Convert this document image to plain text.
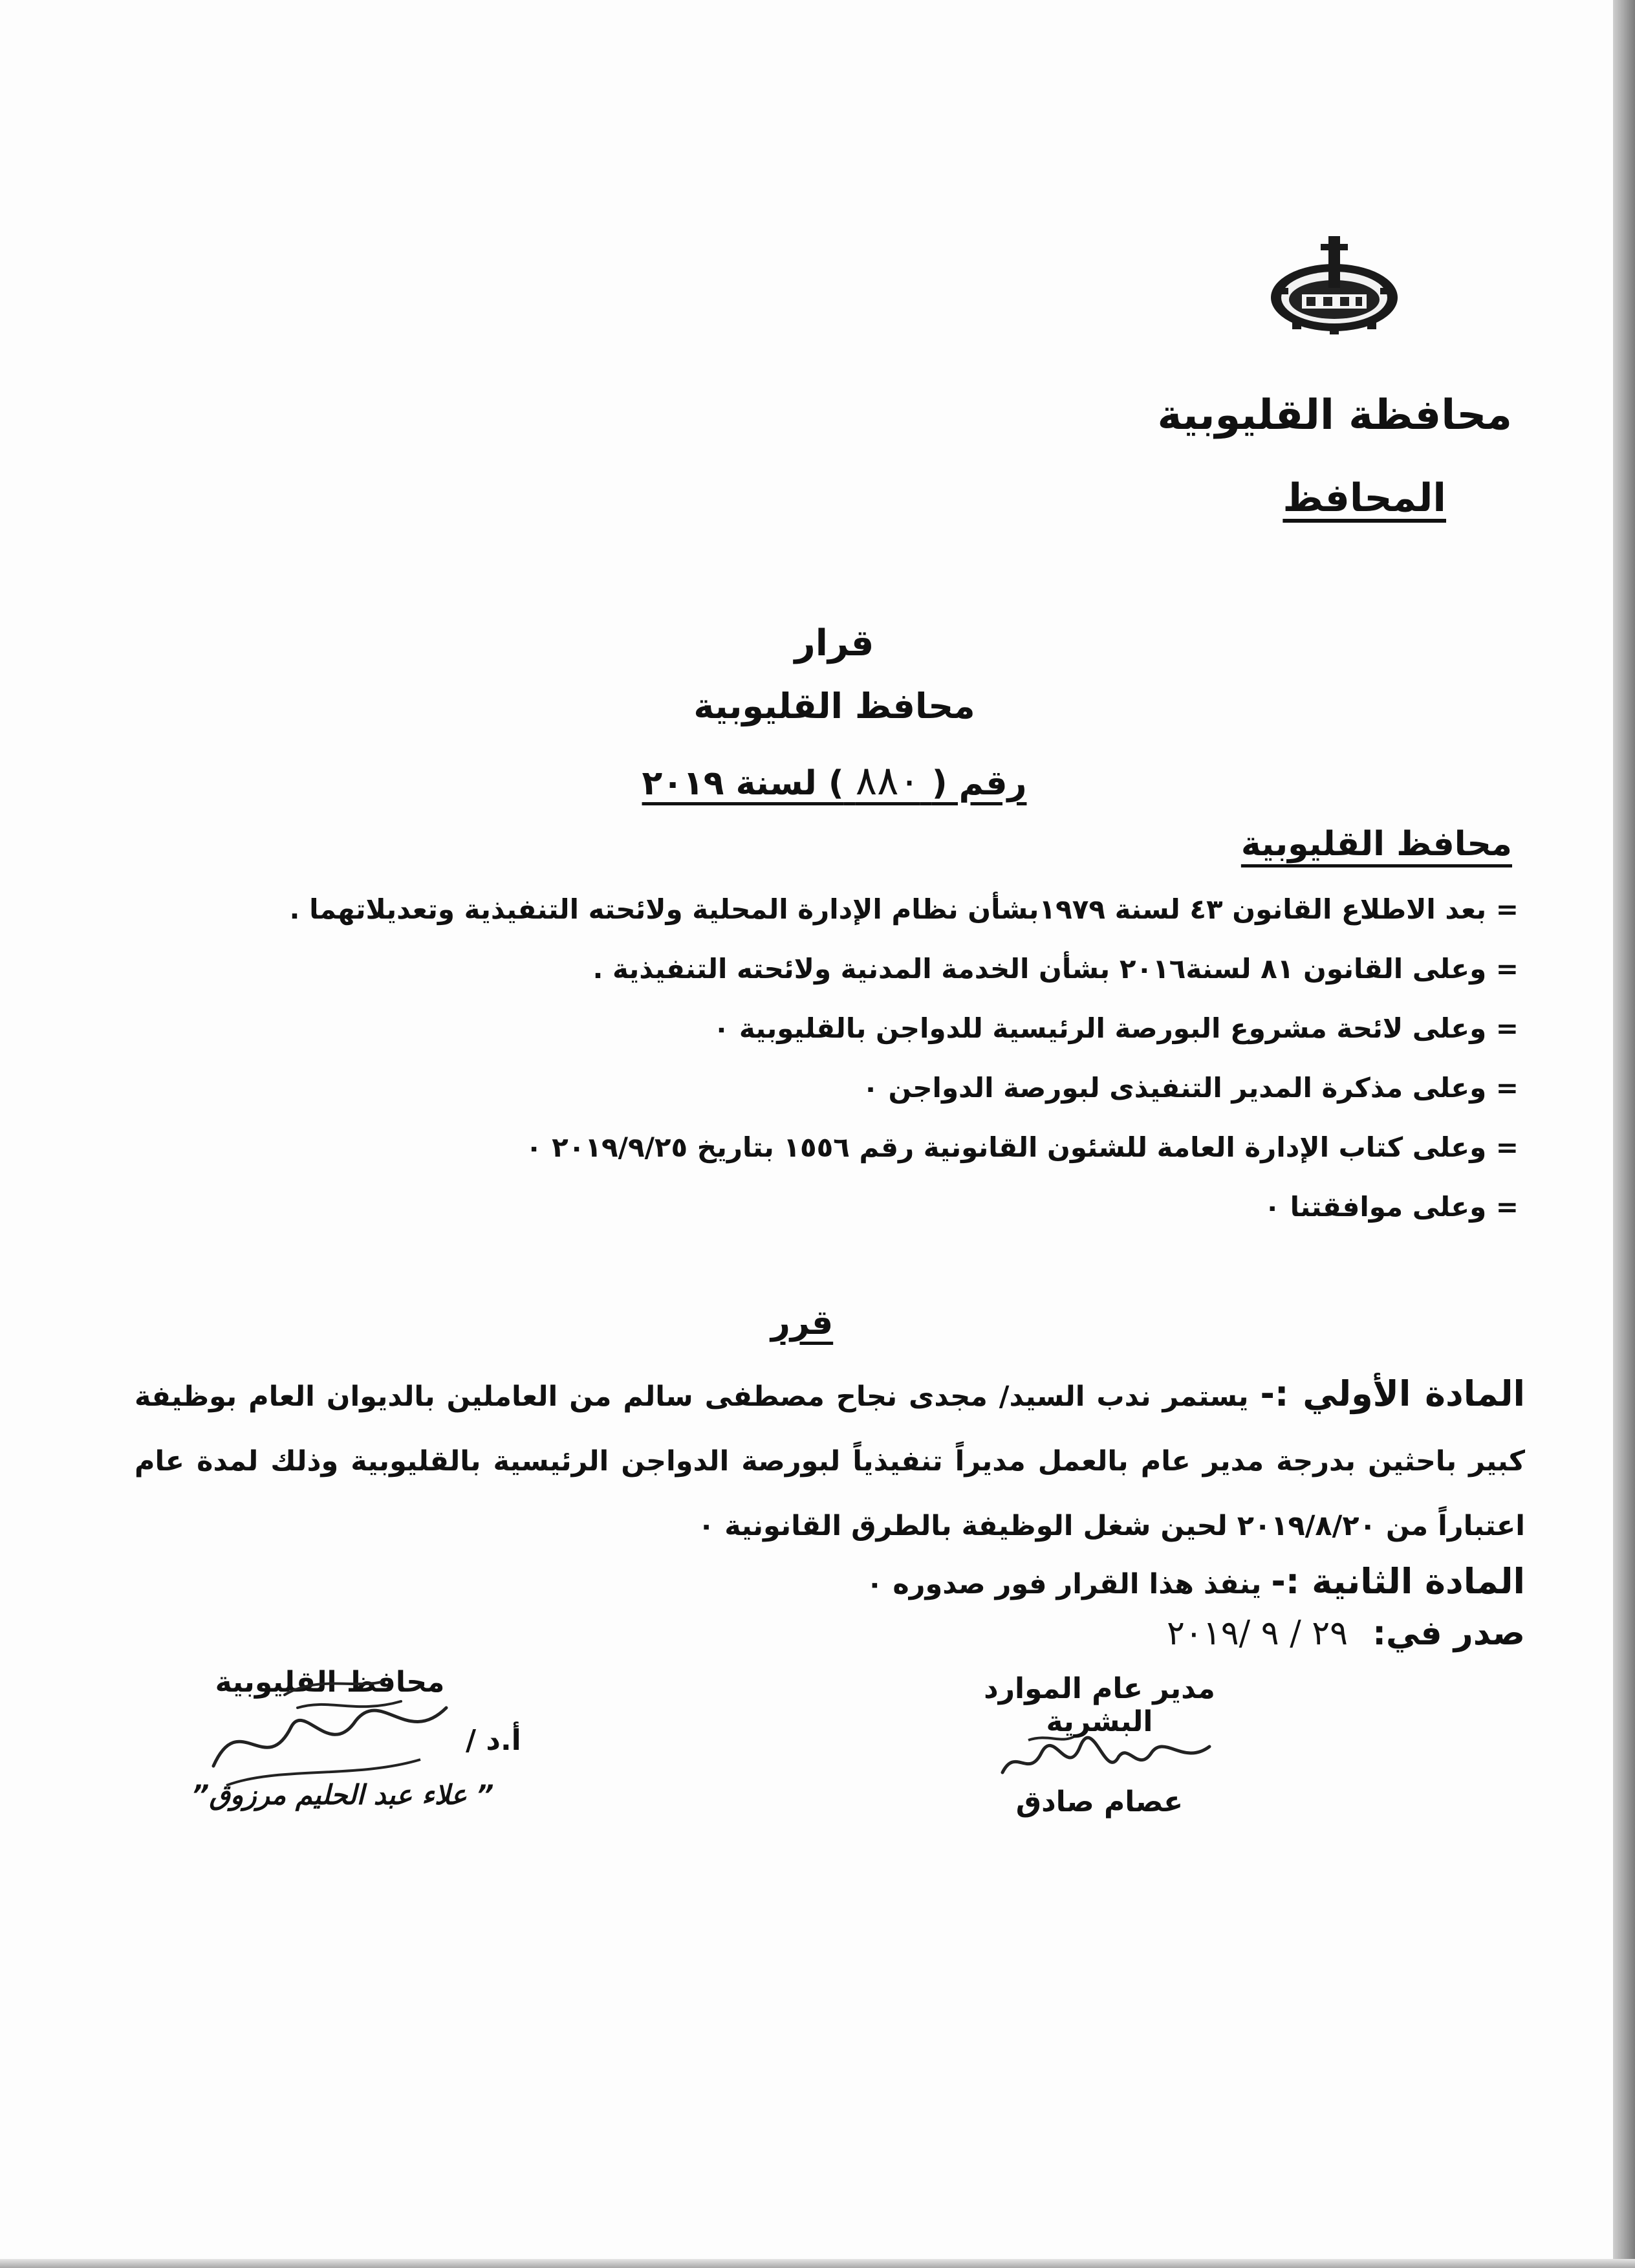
محافظة القليوبية
المحافظ
قرار
محافظ القليوبية
رقم ( ٨٨٠ ) لسنة ٢٠١٩
محافظ القليوبية
= بعد الاطلاع القانون ٤٣ لسنة ١٩٧٩بشأن نظام الإدارة المحلية ولائحته التنفيذية وتعديلاتهما .
= وعلى القانون ٨١ لسنة٢٠١٦ بشأن الخدمة المدنية ولائحته التنفيذية .
= وعلى لائحة مشروع البورصة الرئيسية للدواجن بالقليوبية ٠
= وعلى مذكرة المدير التنفيذى لبورصة الدواجن ٠
= وعلى كتاب الإدارة العامة للشئون القانونية رقم ١٥٥٦ بتاريخ ٢٠١٩/٩/٢٥ ٠
= وعلى موافقتنا ٠
قرر
المادة الأولي :- يستمر ندب السيد/ مجدى نجاح مصطفى سالم من العاملين بالديوان العام بوظيفة كبير باحثين بدرجة مدير عام بالعمل مديراً تنفيذياً لبورصة الدواجن الرئيسية بالقليوبية وذلك لمدة عام اعتباراً من ٢٠١٩/٨/٢٠ لحين شغل الوظيفة بالطرق القانونية ٠
المادة الثانية :- ينفذ هذا القرار فور صدوره ٠
صدر في: ٢٩ / ٩ /٢٠١٩
مدير عام الموارد البشرية
عصام صادق
محافظ القليوبية
أ.د /
” علاء عبد الحليم مرزوق”
